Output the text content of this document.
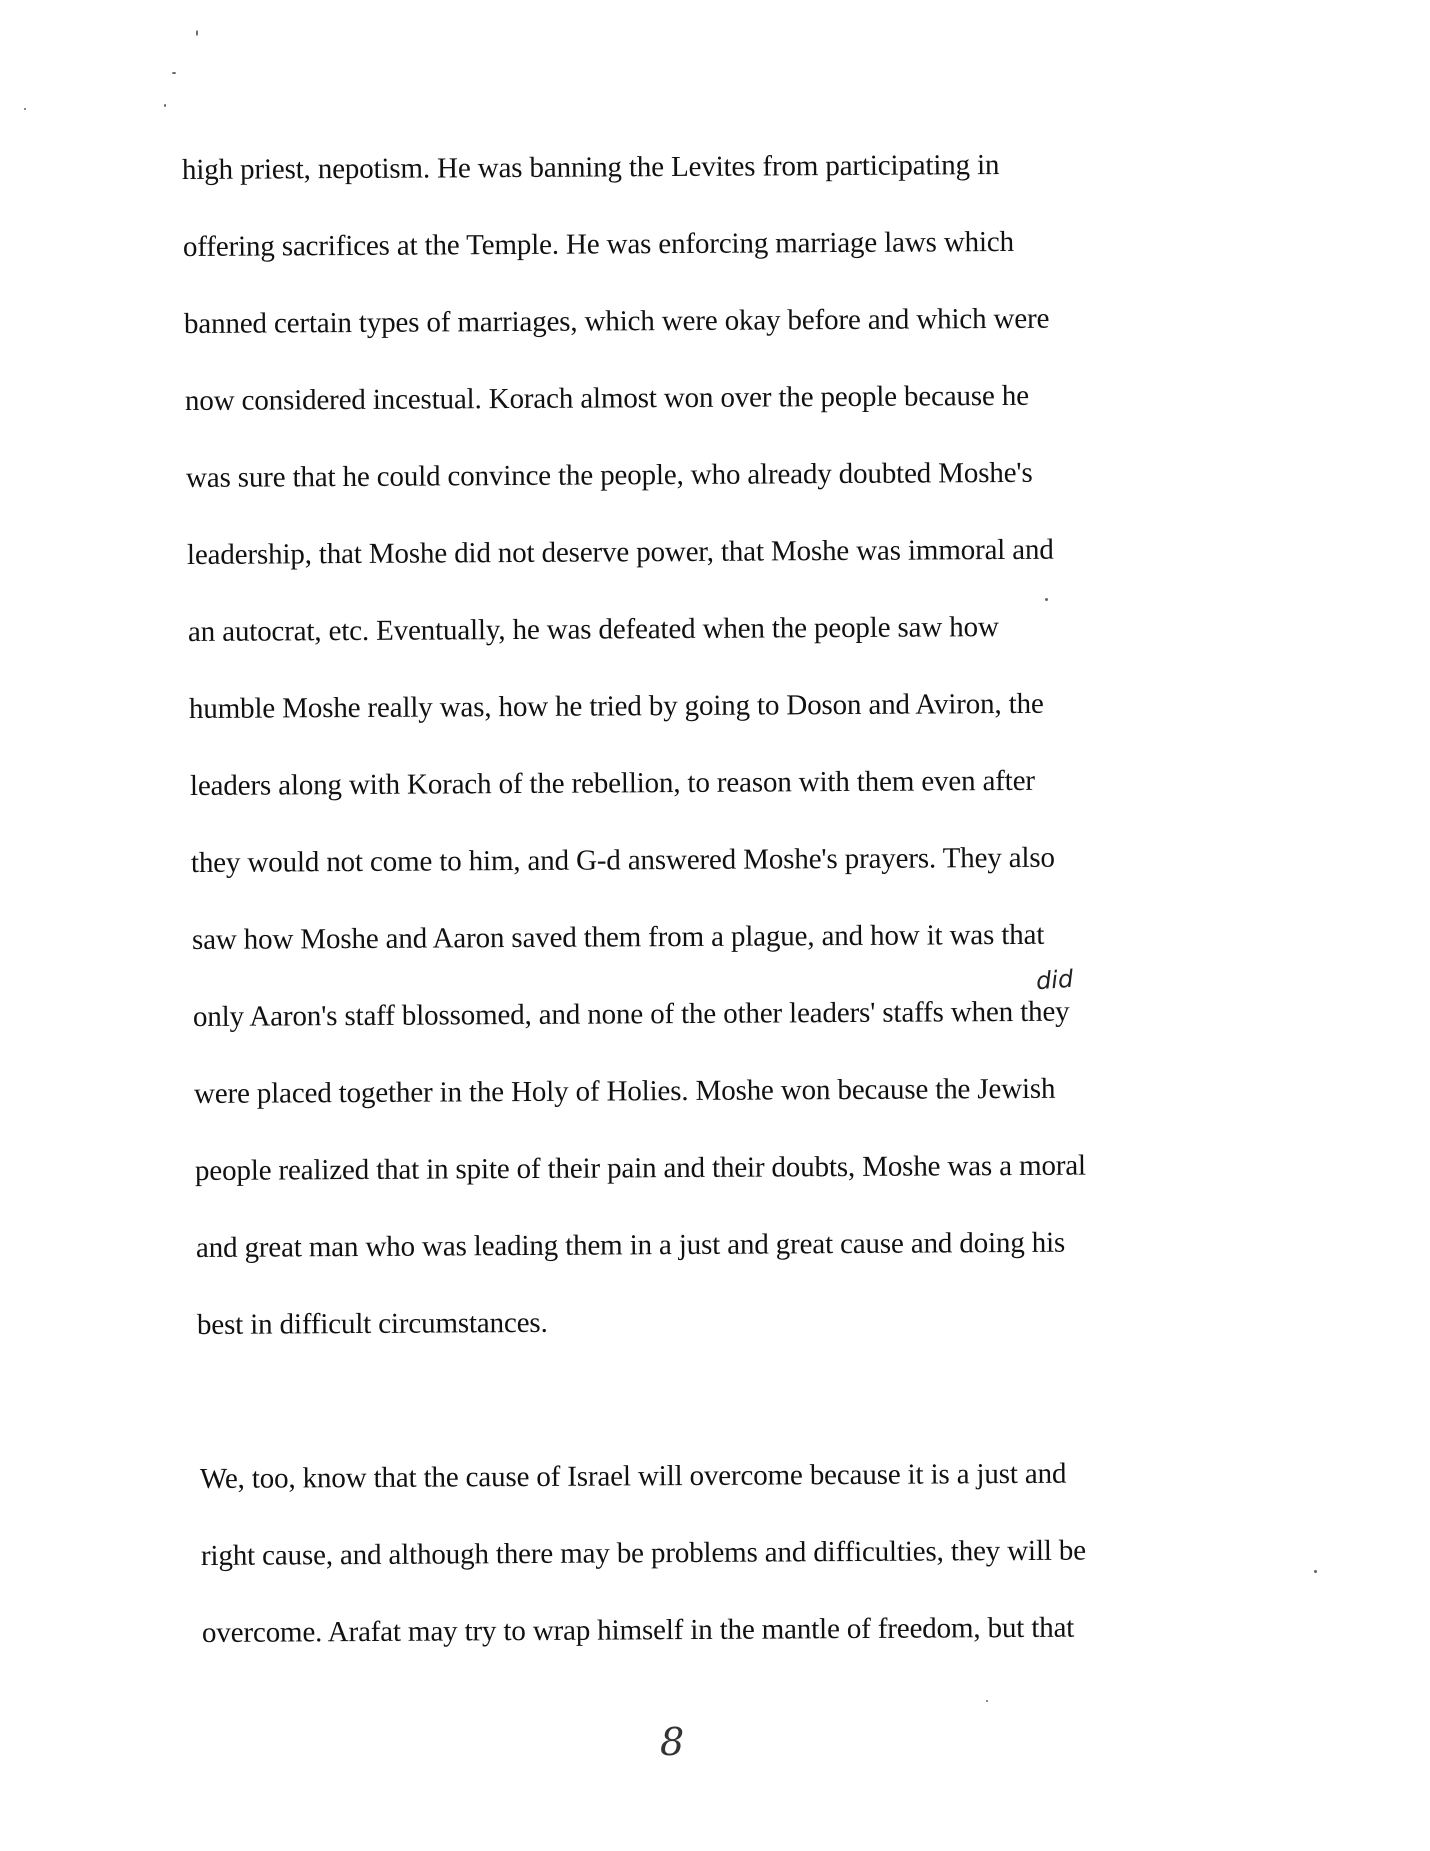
high priest, nepotism. He was banning the Levites from participating in
offering sacrifices at the Temple. He was enforcing marriage laws which
banned certain types of marriages, which were okay before and which were
now considered incestual. Korach almost won over the people because he
was sure that he could convince the people, who already doubted Moshe's
leadership, that Moshe did not deserve power, that Moshe was immoral and
an autocrat, etc. Eventually, he was defeated when the people saw how
humble Moshe really was, how he tried by going to Doson and Aviron, the
leaders along with Korach of the rebellion, to reason with them even after
they would not come to him, and G-d answered Moshe's prayers. They also
saw how Moshe and Aaron saved them from a plague, and how it was that
did
only Aaron's staff blossomed, and none of the other leaders' staffs when they
were placed together in the Holy of Holies. Moshe won because the Jewish
people realized that in spite of their pain and their doubts, Moshe was a moral
and great man who was leading them in a just and great cause and doing his
best in difficult circumstances.
We, too, know that the cause of Israel will overcome because it is a just and
right cause, and although there may be problems and difficulties, they will be
overcome. Arafat may try to wrap himself in the mantle of freedom, but that
8
